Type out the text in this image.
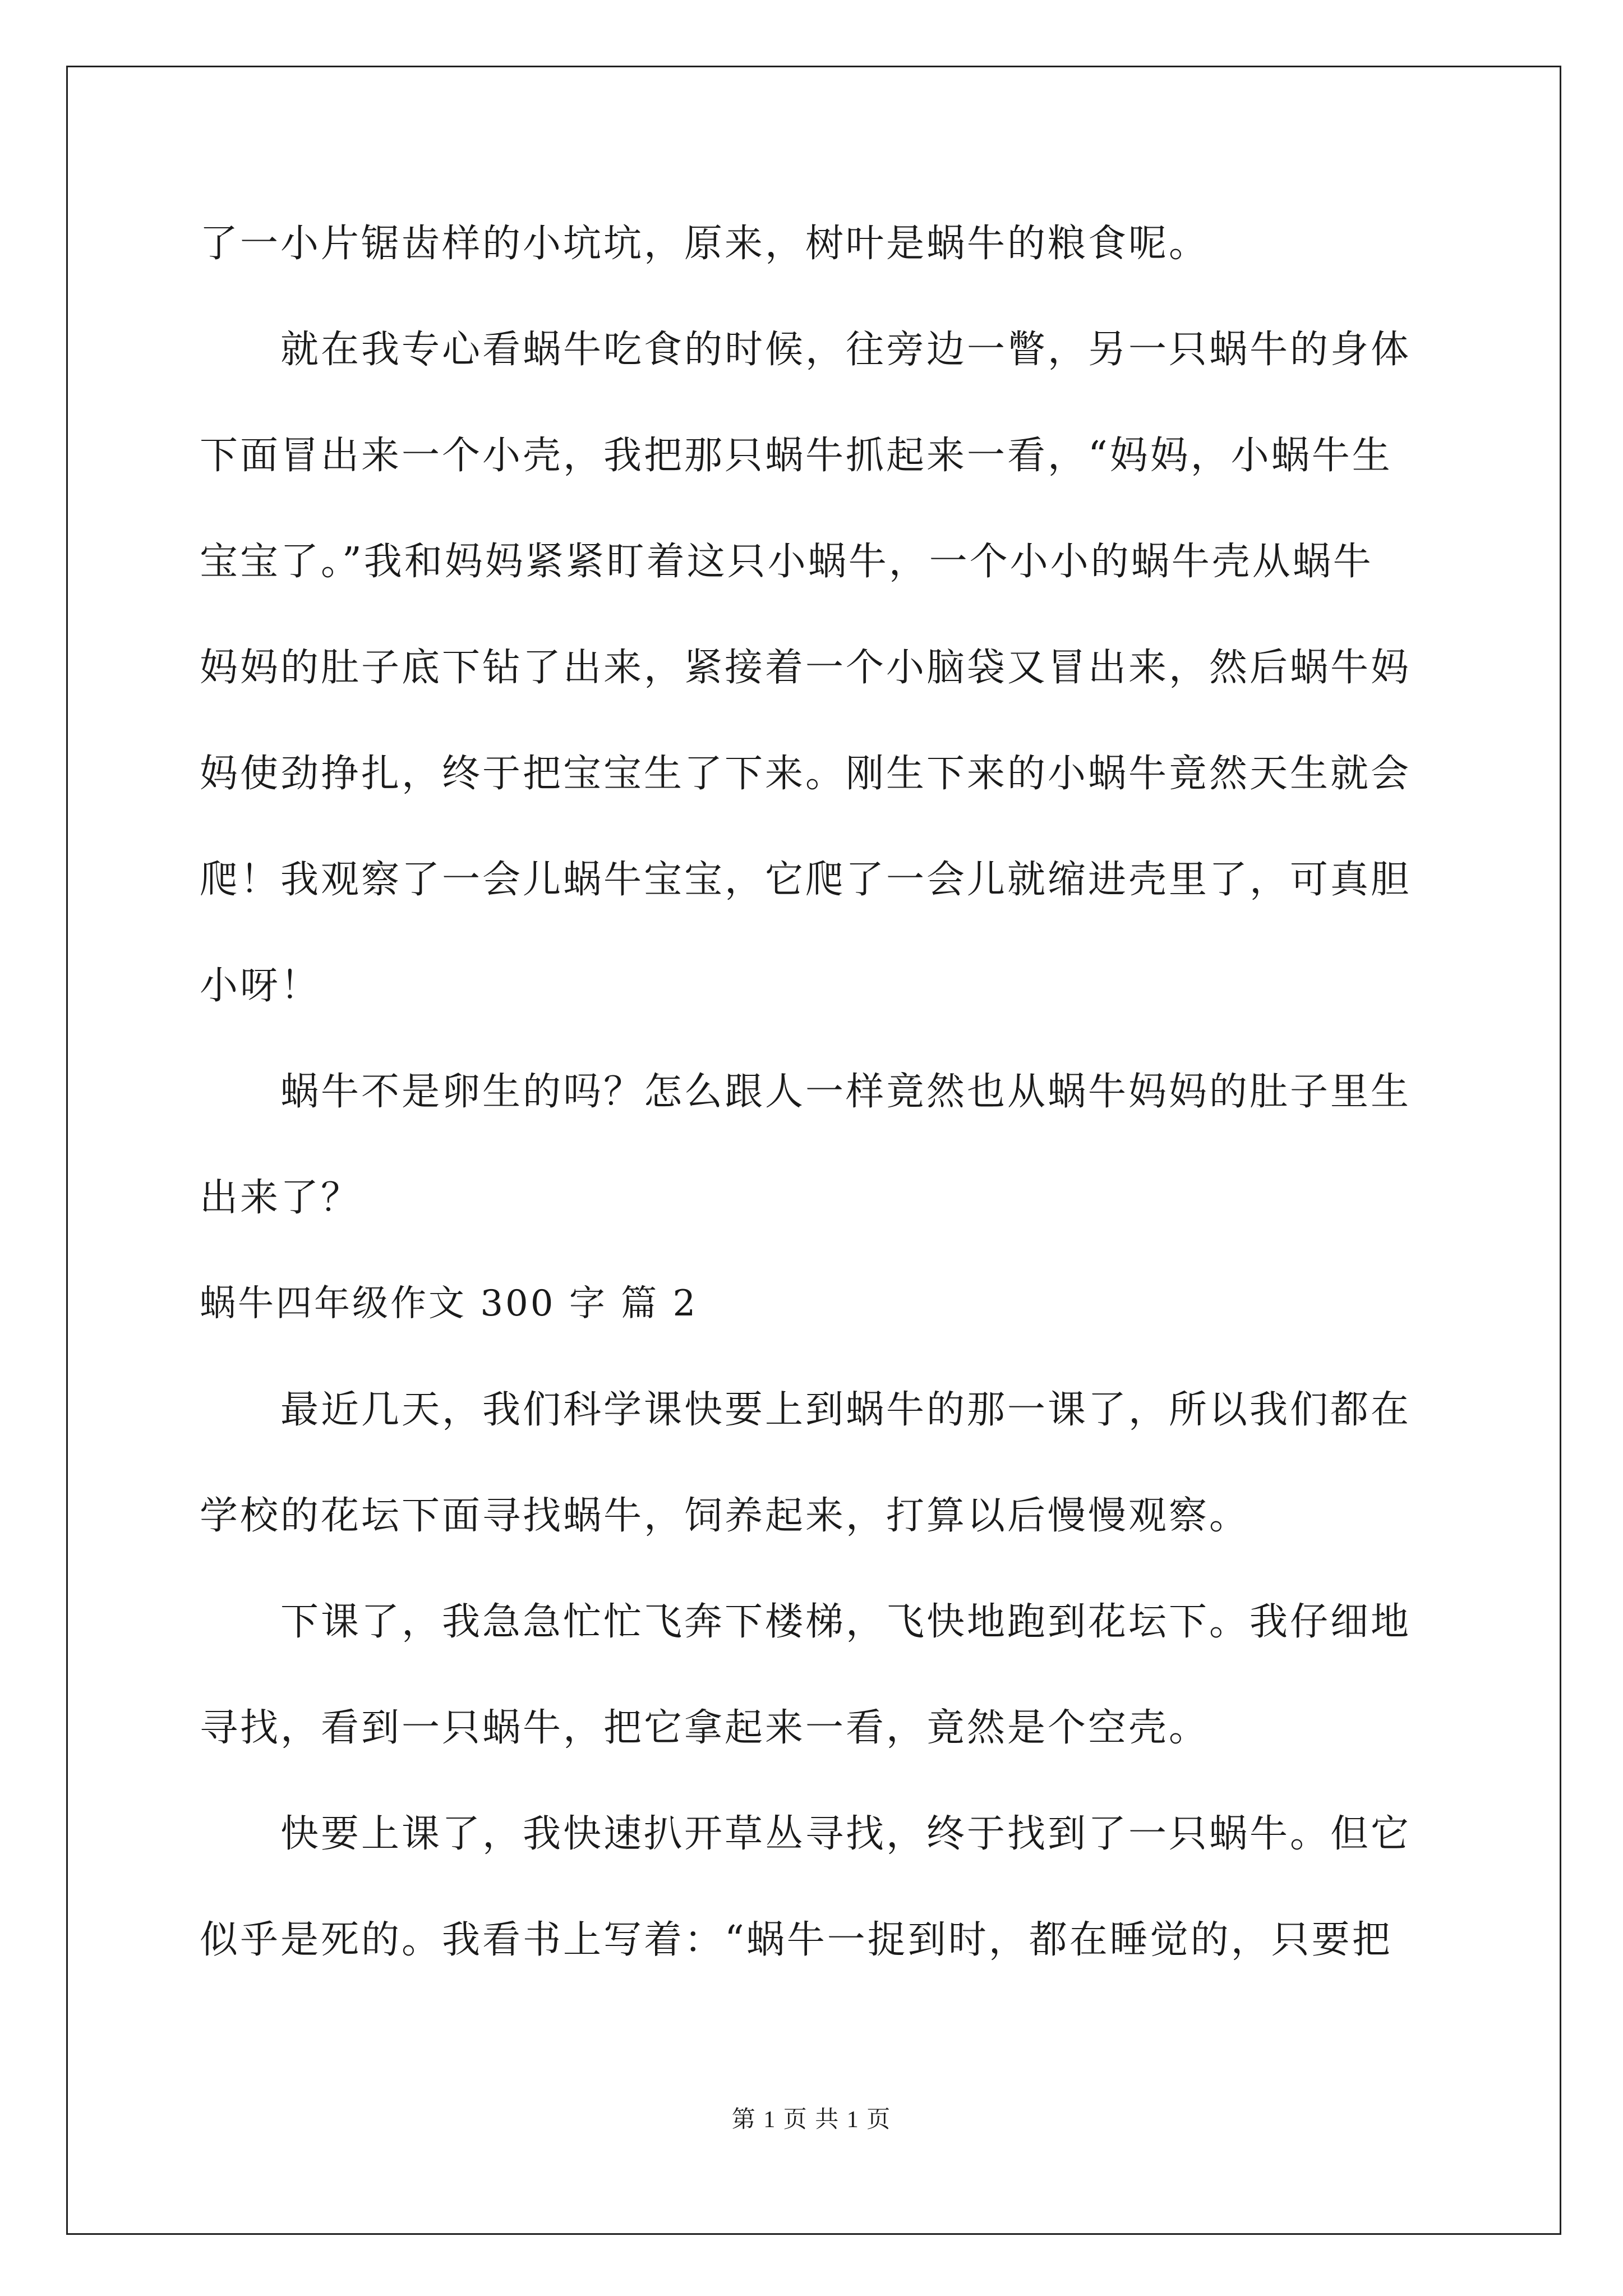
了一小片锯齿样的小坑坑，原来，树叶是蜗牛的粮食呢。
就在我专心看蜗牛吃食的时候，往旁边一瞥，另一只蜗牛的身体
下面冒出来一个小壳，我把那只蜗牛抓起来一看，“妈妈，小蜗牛生
宝宝了。”我和妈妈紧紧盯着这只小蜗牛，一个小小的蜗牛壳从蜗牛
妈妈的肚子底下钻了出来，紧接着一个小脑袋又冒出来，然后蜗牛妈
妈使劲挣扎，终于把宝宝生了下来。刚生下来的小蜗牛竟然天生就会
爬！我观察了一会儿蜗牛宝宝，它爬了一会儿就缩进壳里了，可真胆
小呀！
蜗牛不是卵生的吗？怎么跟人一样竟然也从蜗牛妈妈的肚子里生
出来了？
蜗牛四年级作文 300 字 篇 2
最近几天，我们科学课快要上到蜗牛的那一课了，所以我们都在
学校的花坛下面寻找蜗牛，饲养起来，打算以后慢慢观察。
下课了，我急急忙忙飞奔下楼梯，飞快地跑到花坛下。我仔细地
寻找，看到一只蜗牛，把它拿起来一看，竟然是个空壳。
快要上课了，我快速扒开草丛寻找，终于找到了一只蜗牛。但它
似乎是死的。我看书上写着：“蜗牛一捉到时，都在睡觉的，只要把
第 1 页 共 1 页
